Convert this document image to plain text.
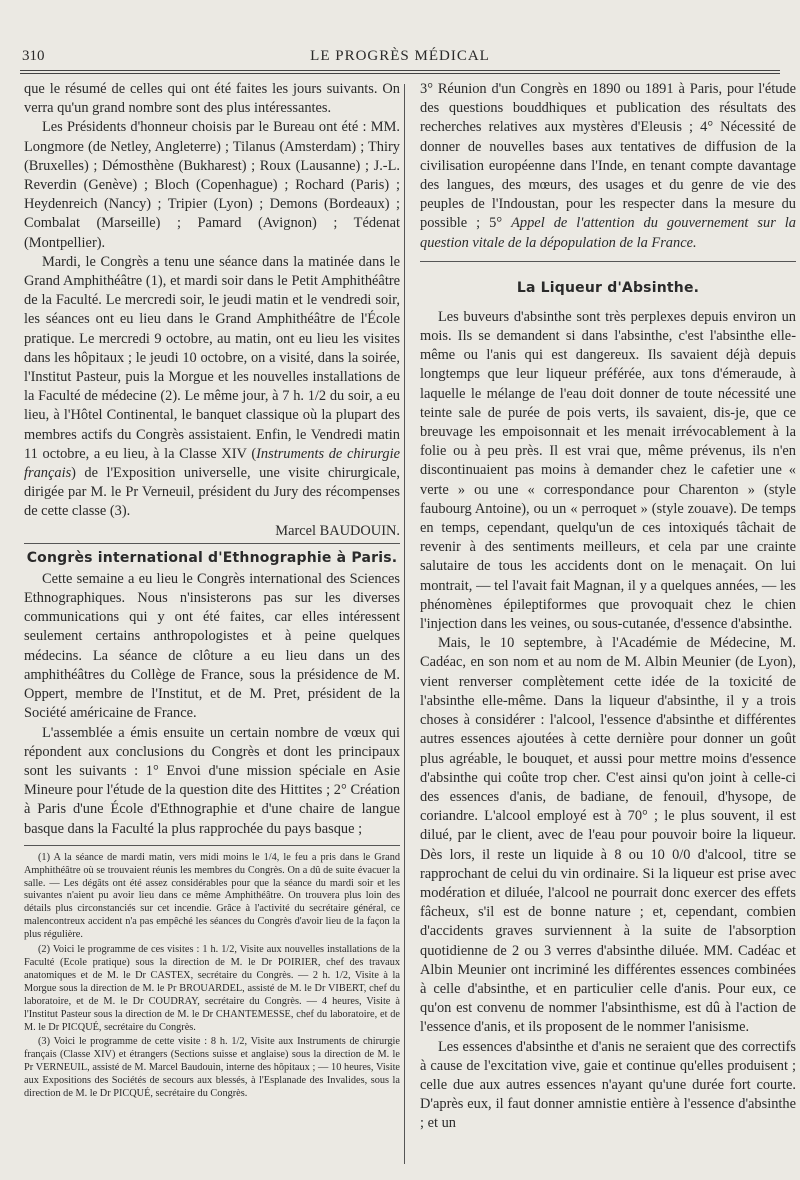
310	LE PROGRÈS MÉDICAL

que le résumé de celles qui ont été faites les jours suivants. On verra qu'un grand nombre sont des plus intéressantes.

Les Présidents d'honneur choisis par le Bureau ont été : MM. Longmore (de Netley, Angleterre) ; Tilanus (Amsterdam) ; Thiry (Bruxelles) ; Démosthène (Bukharest) ; Roux (Lausanne) ; J.-L. Reverdin (Genève) ; Bloch (Copenhague) ; Rochard (Paris) ; Heydenreich (Nancy) ; Tripier (Lyon) ; Demons (Bordeaux) ; Combalat (Marseille) ; Pamard (Avignon) ; Tédenat (Montpellier).

Mardi, le Congrès a tenu une séance dans la matinée dans le Grand Amphithéâtre (1), et mardi soir dans le Petit Amphithéâtre de la Faculté. Le mercredi soir, le jeudi matin et le vendredi soir, les séances ont eu lieu dans le Grand Amphithéâtre de l'École pratique. Le mercredi 9 octobre, au matin, ont eu lieu les visites dans les hôpitaux ; le jeudi 10 octobre, on a visité, dans la soirée, l'Institut Pasteur, puis la Morgue et les nouvelles installations de la Faculté de médecine (2). Le même jour, à 7 h. 1/2 du soir, a eu lieu, à l'Hôtel Continental, le banquet classique où la plupart des membres actifs du Congrès assistaient. Enfin, le Vendredi matin 11 octobre, a eu lieu, à la Classe XIV (Instruments de chirurgie français) de l'Exposition universelle, une visite chirurgicale, dirigée par M. le Pr Verneuil, président du Jury des récompenses de cette classe (3).

Marcel BAUDOUIN.

Congrès international d'Ethnographie à Paris.

Cette semaine a eu lieu le Congrès international des Sciences Ethnographiques. Nous n'insisterons pas sur les diverses communications qui y ont été faites, car elles intéressent seulement certains anthropologistes et à peine quelques médecins. La séance de clôture a eu lieu dans un des amphithéâtres du Collège de France, sous la présidence de M. Oppert, membre de l'Institut, et de M. Pret, président de la Société américaine de France.

L'assemblée a émis ensuite un certain nombre de vœux qui répondent aux conclusions du Congrès et dont les principaux sont les suivants : 1° Envoi d'une mission spéciale en Asie Mineure pour l'étude de la question dite des Hittites ; 2° Création à Paris d'une École d'Ethnographie et d'une chaire de langue basque dans la Faculté la plus rapprochée du pays basque ;

(1) A la séance de mardi matin, vers midi moins le 1/4, le feu a pris dans le Grand Amphithéâtre où se trouvaient réunis les membres du Congrès. On a dû de suite évacuer la salle. — Les dégâts ont été assez considérables pour que la séance du mardi soir et les suivantes n'aient pu avoir lieu dans ce même Amphithéâtre. On trouvera plus loin des détails plus circonstanciés sur cet incendie. Grâce à l'activité du secrétaire général, ce malencontreux accident n'a pas empêché les séances du Congrès d'avoir lieu de la façon la plus régulière.

(2) Voici le programme de ces visites : 1 h. 1/2, Visite aux nouvelles installations de la Faculté (Ecole pratique) sous la direction de M. le Dr POIRIER, chef des travaux anatomiques et de M. le Dr CASTEX, secrétaire du Congrès. — 2 h. 1/2, Visite à la Morgue sous la direction de M. le Pr BROUARDEL, assisté de M. le Dr VIBERT, chef du laboratoire, et de M. le Dr COUDRAY, secrétaire du Congrès. — 4 heures, Visite à l'Institut Pasteur sous la direction de M. le Dr CHANTEMESSE, chef du laboratoire, et de M. le Dr PICQUÉ, secrétaire du Congrès.

(3) Voici le programme de cette visite : 8 h. 1/2, Visite aux Instruments de chirurgie français (Classe XIV) et étrangers (Sections suisse et anglaise) sous la direction de M. le Pr VERNEUIL, assisté de M. Marcel Baudouin, interne des hôpitaux ; — 10 heures, Visite aux Expositions des Sociétés de secours aux blessés, à l'Esplanade des Invalides, sous la direction de M. le Dr PICQUÉ, secrétaire du Congrès.

3° Réunion d'un Congrès en 1890 ou 1891 à Paris, pour l'étude des questions bouddhiques et publication des résultats des recherches relatives aux mystères d'Eleusis ; 4° Nécessité de donner de nouvelles bases aux tentatives de diffusion de la civilisation européenne dans l'Inde, en tenant compte davantage des langues, des mœurs, des usages et du genre de vie des peuples de l'Indoustan, pour les respecter dans la mesure du possible ; 5° Appel de l'attention du gouvernement sur la question vitale de la dépopulation de la France.

La Liqueur d'Absinthe.

Les buveurs d'absinthe sont très perplexes depuis environ un mois. Ils se demandent si dans l'absinthe, c'est l'absinthe elle-même ou l'anis qui est dangereux. Ils savaient déjà depuis longtemps que leur liqueur préférée, aux tons d'émeraude, à laquelle le mélange de l'eau doit donner de toute nécessité une teinte sale de purée de pois verts, ils savaient, dis-je, que ce breuvage les empoisonnait et les menait irrévocablement à la folie ou à peu près. Il est vrai que, même prévenus, ils n'en discontinuaient pas moins à demander chez le cafetier une « verte » ou une « correspondance pour Charenton » (style faubourg Antoine), ou un « perroquet » (style zouave). De temps en temps, cependant, quelqu'un de ces intoxiqués tâchait de revenir à des sentiments meilleurs, et cela par une crainte salutaire de tous les accidents dont on le menaçait. On lui montrait, — tel l'avait fait Magnan, il y a quelques années, — les phénomènes épileptiformes que provoquait chez le chien l'injection dans les veines, ou sous-cutanée, d'essence d'absinthe.

Mais, le 10 septembre, à l'Académie de Médecine, M. Cadéac, en son nom et au nom de M. Albin Meunier (de Lyon), vient renverser complètement cette idée de la toxicité de l'absinthe elle-même. Dans la liqueur d'absinthe, il y a trois choses à considérer : l'alcool, l'essence d'absinthe et différentes autres essences ajoutées à cette dernière pour donner un goût plus agréable, le bouquet, et aussi pour mettre moins d'essence d'absinthe qui coûte trop cher. C'est ainsi qu'on joint à celle-ci des essences d'anis, de badiane, de fenouil, d'hysope, de coriandre. L'alcool employé est à 70° ; le plus souvent, il est dilué, par le client, avec de l'eau pour pouvoir boire la liqueur. Dès lors, il reste un liquide à 8 ou 10 0/0 d'alcool, titre se rapprochant de celui du vin ordinaire. Si la liqueur est prise avec modération et diluée, l'alcool ne pourrait donc exercer des effets fâcheux, s'il est de bonne nature ; et, cependant, combien d'accidents graves surviennent à la suite de l'absorption quotidienne de 2 ou 3 verres d'absinthe diluée. MM. Cadéac et Albin Meunier ont incriminé les différentes essences combinées à celle d'absinthe, et en particulier celle d'anis. Pour eux, ce qu'on est convenu de nommer l'absinthisme, est dû à l'action de l'essence d'anis, et ils proposent de le nommer l'anisisme.

Les essences d'absinthe et d'anis ne seraient que des correctifs à cause de l'excitation vive, gaie et continue qu'elles produisent ; celle due aux autres essences n'ayant qu'une durée fort courte. D'après eux, il faut donner amnistie entière à l'essence d'absinthe ; et un
